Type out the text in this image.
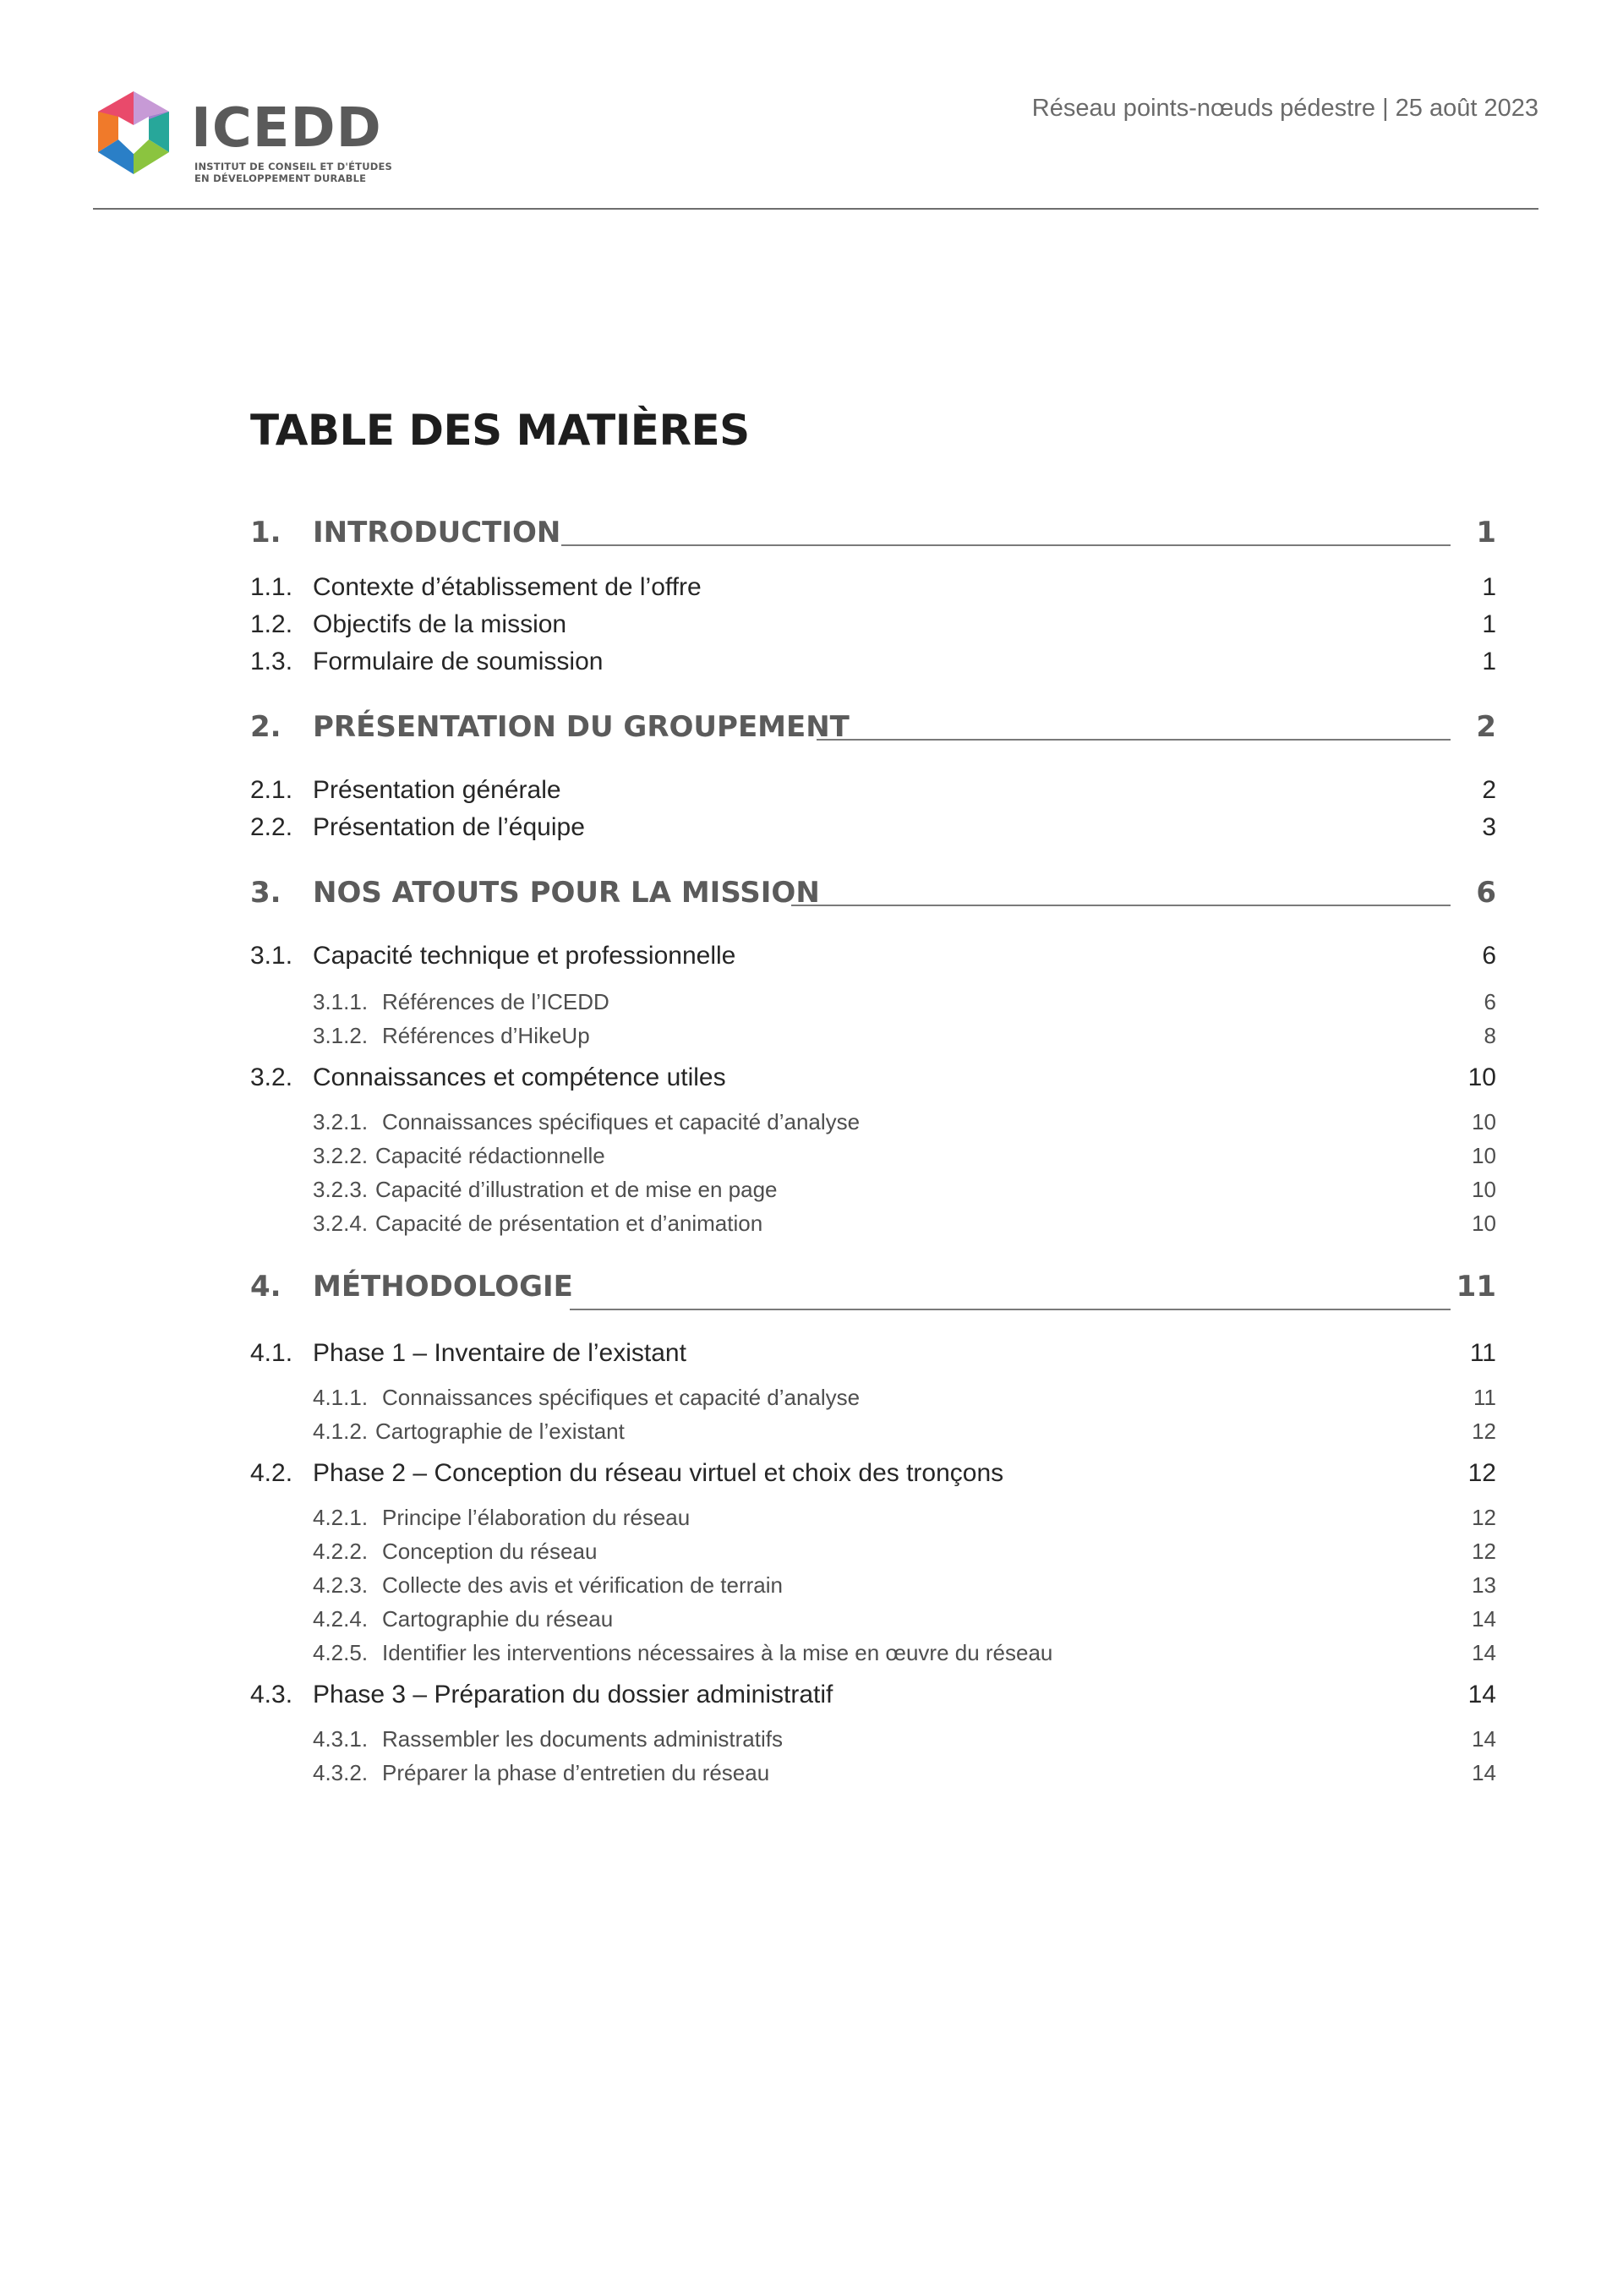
ICEDD
INSTITUT DE CONSEIL ET D'ÉTUDES
EN DÉVELOPPEMENT DURABLE
Réseau points-nœuds pédestre | 25 août 2023
TABLE DES MATIÈRES
1. INTRODUCTION	1
1.1. Contexte d’établissement de l’offre	1
1.2. Objectifs de la mission	1
1.3. Formulaire de soumission	1
2. PRÉSENTATION DU GROUPEMENT	2
2.1. Présentation générale	2
2.2. Présentation de l’équipe	3
3. NOS ATOUTS POUR LA MISSION	6
3.1. Capacité technique et professionnelle	6
3.1.1. Références de l’ICEDD	6
3.1.2. Références d’HikeUp	8
3.2. Connaissances et compétence utiles	10
3.2.1. Connaissances spécifiques et capacité d’analyse	10
3.2.2. Capacité rédactionnelle	10
3.2.3. Capacité d’illustration et de mise en page	10
3.2.4. Capacité de présentation et d’animation	10
4. MÉTHODOLOGIE	11
4.1. Phase 1 – Inventaire de l’existant	11
4.1.1. Connaissances spécifiques et capacité d’analyse	11
4.1.2. Cartographie de l’existant	12
4.2. Phase 2 – Conception du réseau virtuel et choix des tronçons	12
4.2.1. Principe l’élaboration du réseau	12
4.2.2. Conception du réseau	12
4.2.3. Collecte des avis et vérification de terrain	13
4.2.4. Cartographie du réseau	14
4.2.5. Identifier les interventions nécessaires à la mise en œuvre du réseau	14
4.3. Phase 3 – Préparation du dossier administratif	14
4.3.1. Rassembler les documents administratifs	14
4.3.2. Préparer la phase d’entretien du réseau	14
